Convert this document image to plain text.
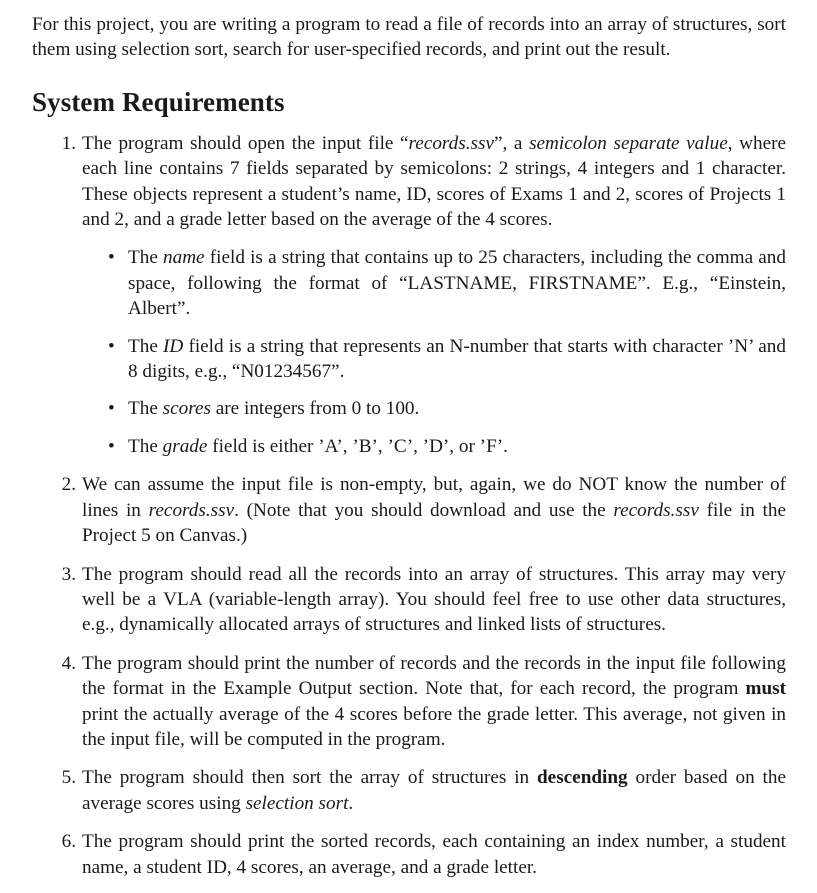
For this project, you are writing a program to read a file of records into an array of structures, sort them using selection sort, search for user-specified records, and print out the result.

System Requirements
1. The program should open the input file “records.ssv”, a semicolon separate value, where each line contains 7 fields separated by semicolons: 2 strings, 4 integers and 1 character. These objects represent a student’s name, ID, scores of Exams 1 and 2, scores of Projects 1 and 2, and a grade letter based on the average of the 4 scores.
• The name field is a string that contains up to 25 characters, including the comma and space, following the format of “LASTNAME, FIRSTNAME”. E.g., “Einstein, Albert”.
• The ID field is a string that represents an N-number that starts with character ’N’ and 8 digits, e.g., “N01234567”.
• The scores are integers from 0 to 100.
• The grade field is either ’A’, ’B’, ’C’, ’D’, or ’F’.
2. We can assume the input file is non-empty, but, again, we do NOT know the number of lines in records.ssv. (Note that you should download and use the records.ssv file in the Project 5 on Canvas.)
3. The program should read all the records into an array of structures. This array may very well be a VLA (variable-length array). You should feel free to use other data structures, e.g., dynamically allocated arrays of structures and linked lists of structures.
4. The program should print the number of records and the records in the input file following the format in the Example Output section. Note that, for each record, the program must print the actually average of the 4 scores before the grade letter. This average, not given in the input file, will be computed in the program.
5. The program should then sort the array of structures in descending order based on the average scores using selection sort.
6. The program should print the sorted records, each containing an index number, a student name, a student ID, 4 scores, an average, and a grade letter.
